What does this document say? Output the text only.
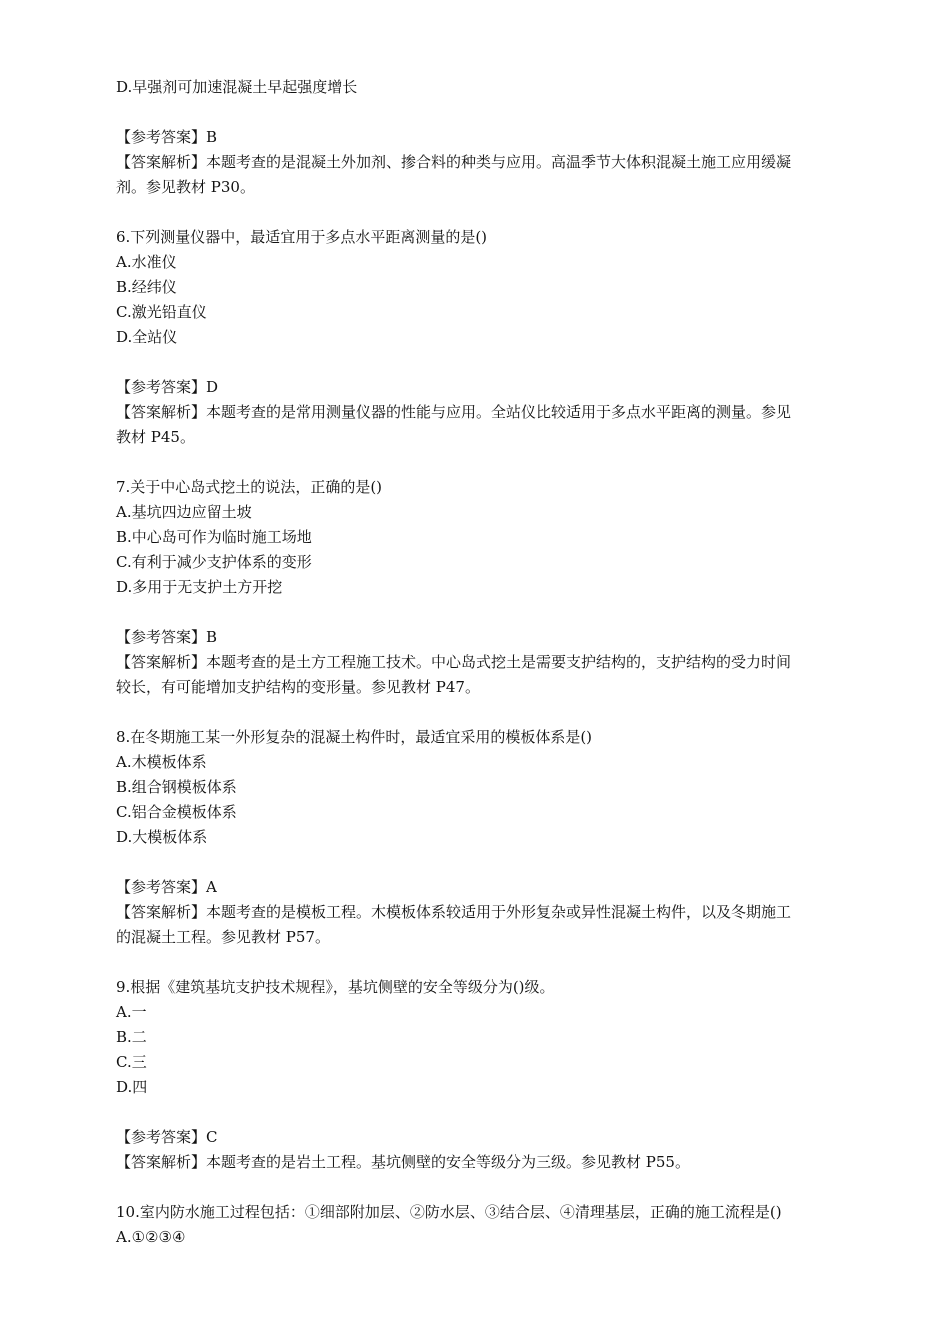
D.早强剂可加速混凝土早起强度增长
【参考答案】B
【答案解析】本题考查的是混凝土外加剂、掺合料的种类与应用。高温季节大体积混凝土施工应用缓凝
剂。参见教材 P30。
6.下列测量仪器中，最适宜用于多点水平距离测量的是()
A.水准仪
B.经纬仪
C.激光铅直仪
D.全站仪
【参考答案】D
【答案解析】本题考查的是常用测量仪器的性能与应用。全站仪比较适用于多点水平距离的测量。参见
教材 P45。
7.关于中心岛式挖土的说法，正确的是()
A.基坑四边应留土坡
B.中心岛可作为临时施工场地
C.有利于减少支护体系的变形
D.多用于无支护土方开挖
【参考答案】B
【答案解析】本题考查的是土方工程施工技术。中心岛式挖土是需要支护结构的，支护结构的受力时间
较长，有可能增加支护结构的变形量。参见教材 P47。
8.在冬期施工某一外形复杂的混凝土构件时，最适宜采用的模板体系是()
A.木模板体系
B.组合钢模板体系
C.铝合金模板体系
D.大模板体系
【参考答案】A
【答案解析】本题考查的是模板工程。木模板体系较适用于外形复杂或异性混凝土构件，以及冬期施工
的混凝土工程。参见教材 P57。
9.根据《建筑基坑支护技术规程》，基坑侧壁的安全等级分为()级。
A.一
B.二
C.三
D.四
【参考答案】C
【答案解析】本题考查的是岩土工程。基坑侧壁的安全等级分为三级。参见教材 P55。
10.室内防水施工过程包括：①细部附加层、②防水层、③结合层、④清理基层，正确的施工流程是()
A.①②③④
